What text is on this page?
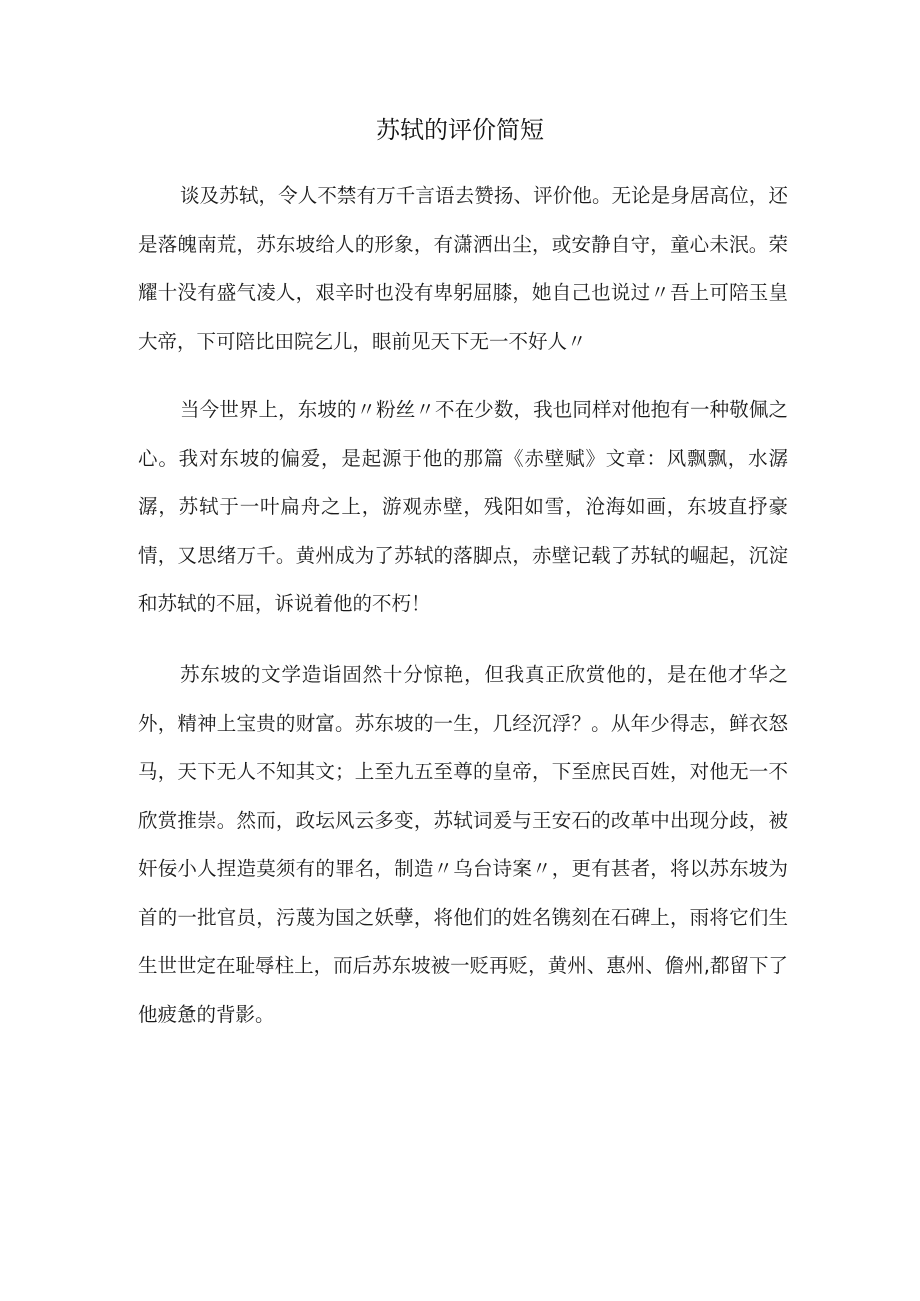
苏轼的评价简短
谈及苏轼，令人不禁有万千言语去赞扬、评价他。无论是身居高位，还是落魄南荒，苏东坡给人的形象，有潇洒出尘，或安静自守，童心未泯。荣耀十没有盛气凌人，艰辛时也没有卑躬屈膝，她自己也说过〃吾上可陪玉皇大帝，下可陪比田院乞儿，眼前见天下无一不好人〃
当今世界上，东坡的〃粉丝〃不在少数，我也同样对他抱有一种敬佩之心。我对东坡的偏爱，是起源于他的那篇《赤壁赋》文章：风飘飘，水潺潺，苏轼于一叶扁舟之上，游观赤壁，残阳如雪，沧海如画，东坡直抒豪情，又思绪万千。黄州成为了苏轼的落脚点，赤壁记载了苏轼的崛起，沉淀和苏轼的不屈，诉说着他的不朽！
苏东坡的文学造诣固然十分惊艳，但我真正欣赏他的，是在他才华之外，精神上宝贵的财富。苏东坡的一生，几经沉浮？。从年少得志，鲜衣怒马，天下无人不知其文；上至九五至尊的皇帝，下至庶民百姓，对他无一不欣赏推崇。然而，政坛风云多变，苏轼词爰与王安石的改革中出现分歧，被奸佞小人捏造莫须有的罪名，制造〃乌台诗案〃，更有甚者，将以苏东坡为首的一批官员，污蔑为国之妖孽，将他们的姓名镌刻在石碑上，雨将它们生生世世定在耻辱柱上，而后苏东坡被一贬再贬，黄州、惠州、儋州,都留下了他疲惫的背影。
